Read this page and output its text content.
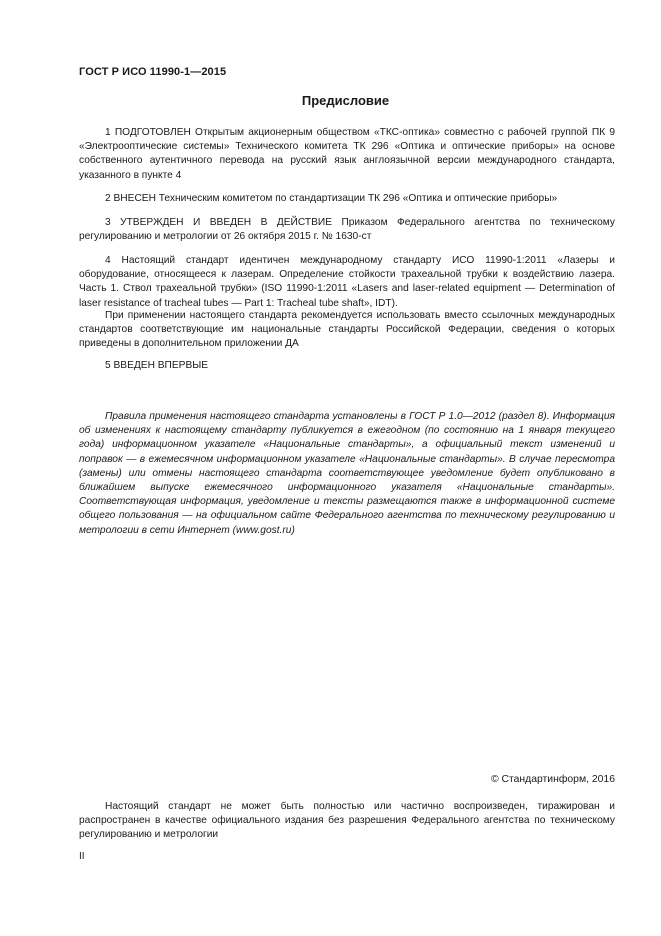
ГОСТ Р ИСО 11990-1—2015
Предисловие

1 ПОДГОТОВЛЕН Открытым акционерным обществом «ТКС-оптика» совместно с рабочей группой ПК 9 «Электрооптические системы» Технического комитета ТК 296 «Оптика и оптические приборы» на основе собственного аутентичного перевода на русский язык англоязычной версии международного стандарта, указанного в пункте 4

2 ВНЕСЕН Техническим комитетом по стандартизации ТК 296 «Оптика и оптические приборы»

3 УТВЕРЖДЕН И ВВЕДЕН В ДЕЙСТВИЕ Приказом Федерального агентства по техническому регулированию и метрологии от 26 октября 2015 г. № 1630-ст

4 Настоящий стандарт идентичен международному стандарту ИСО 11990-1:2011 «Лазеры и оборудование, относящееся к лазерам. Определение стойкости трахеальной трубки к воздействию лазера. Часть 1. Ствол трахеальной трубки» (ISO 11990-1:2011 «Lasers and laser-related equipment — Determination of laser resistance of tracheal tubes — Part 1: Tracheal tube shaft», IDT).

При применении настоящего стандарта рекомендуется использовать вместо ссылочных международных стандартов соответствующие им национальные стандарты Российской Федерации, сведения о которых приведены в дополнительном приложении ДА

5 ВВЕДЕН ВПЕРВЫЕ

Правила применения настоящего стандарта установлены в ГОСТ Р 1.0—2012 (раздел 8). Информация об изменениях к настоящему стандарту публикуется в ежегодном (по состоянию на 1 января текущего года) информационном указателе «Национальные стандарты», а официальный текст изменений и поправок — в ежемесячном информационном указателе «Национальные стандарты». В случае пересмотра (замены) или отмены настоящего стандарта соответствующее уведомление будет опубликовано в ближайшем выпуске ежемесячного информационного указателя «Национальные стандарты». Соответствующая информация, уведомление и тексты размещаются также в информационной системе общего пользования — на официальном сайте Федерального агентства по техническому регулированию и метрологии в сети Интернет (www.gost.ru)

© Стандартинформ, 2016

Настоящий стандарт не может быть полностью или частично воспроизведен, тиражирован и распространен в качестве официального издания без разрешения Федерального агентства по техническому регулированию и метрологии

II
